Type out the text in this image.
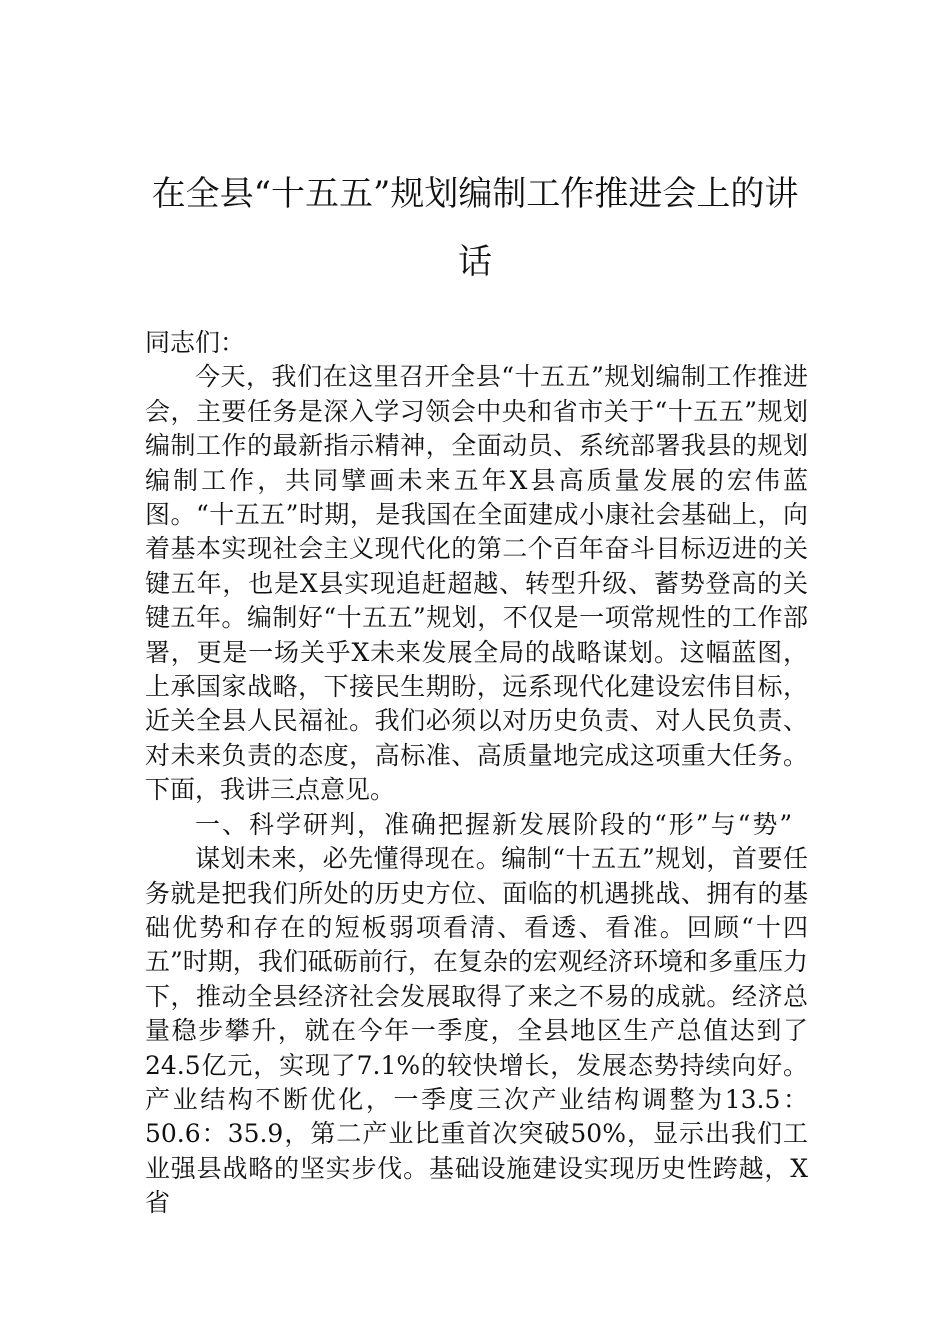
在全县“十五五”规划编制工作推进会上的讲话

同志们：

今天，我们在这里召开全县“十五五”规划编制工作推进会，主要任务是深入学习领会中央和省市关于“十五五”规划编制工作的最新指示精神，全面动员、系统部署我县的规划编制工作，共同擘画未来五年X县高质量发展的宏伟蓝图。“十五五”时期，是我国在全面建成小康社会基础上，向着基本实现社会主义现代化的第二个百年奋斗目标迈进的关键五年，也是X县实现追赶超越、转型升级、蓄势登高的关键五年。编制好“十五五”规划，不仅是一项常规性的工作部署，更是一场关乎X未来发展全局的战略谋划。这幅蓝图，上承国家战略，下接民生期盼，远系现代化建设宏伟目标，近关全县人民福祉。我们必须以对历史负责、对人民负责、对未来负责的态度，高标准、高质量地完成这项重大任务。下面，我讲三点意见。

一、科学研判，准确把握新发展阶段的“形”与“势”

谋划未来，必先懂得现在。编制“十五五”规划，首要任务就是把我们所处的历史方位、面临的机遇挑战、拥有的基础优势和存在的短板弱项看清、看透、看准。回顾“十四五”时期，我们砥砺前行，在复杂的宏观经济环境和多重压力下，推动全县经济社会发展取得了来之不易的成就。经济总量稳步攀升，就在今年一季度，全县地区生产总值达到了24.5亿元，实现了7.1%的较快增长，发展态势持续向好。产业结构不断优化，一季度三次产业结构调整为13.5：50.6：35.9，第二产业比重首次突破50%，显示出我们工业强县战略的坚实步伐。基础设施建设实现历史性跨越，X省
